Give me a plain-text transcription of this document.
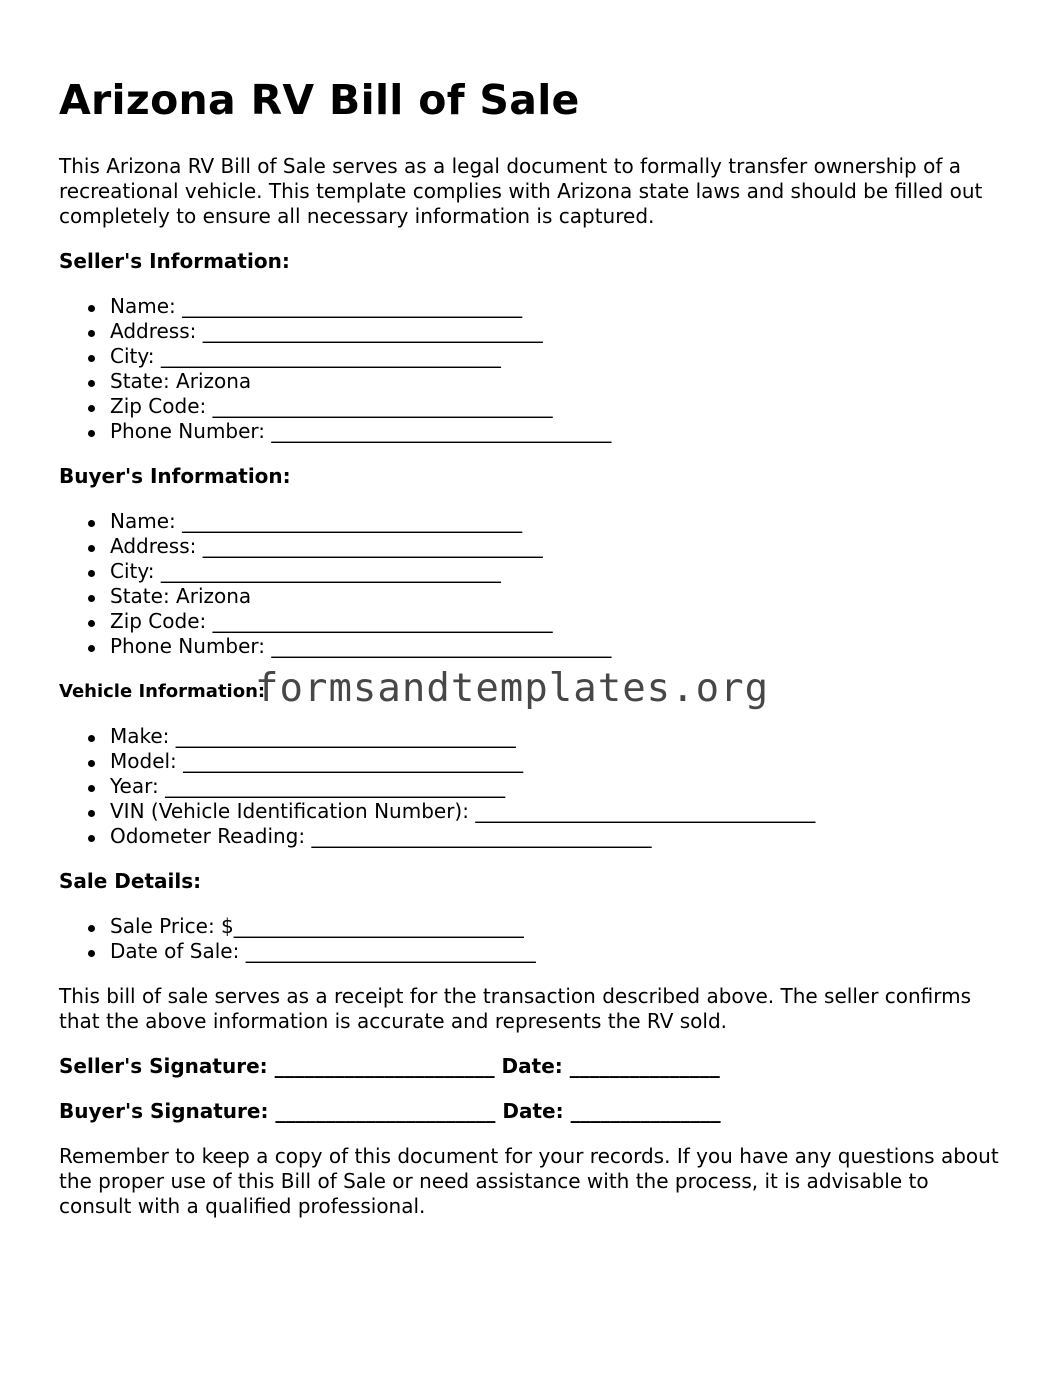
Arizona RV Bill of Sale

This Arizona RV Bill of Sale serves as a legal document to formally transfer ownership of a recreational vehicle. This template complies with Arizona state laws and should be filled out completely to ensure all necessary information is captured.

Seller's Information:
Name: __________________________________
Address: __________________________________
City: __________________________________
State: Arizona
Zip Code: __________________________________
Phone Number: __________________________________
Buyer's Information:
Name: __________________________________
Address: __________________________________
City: __________________________________
State: Arizona
Zip Code: __________________________________
Phone Number: __________________________________
Vehicle Information:
Make: __________________________________
Model: __________________________________
Year: __________________________________
VIN (Vehicle Identification Number): __________________________________
Odometer Reading: __________________________________
Sale Details:
Sale Price: $_____________________________
Date of Sale: _____________________________

This bill of sale serves as a receipt for the transaction described above. The seller confirms that the above information is accurate and represents the RV sold.

Seller's Signature: ______________________ Date: _______________
Buyer's Signature: ______________________ Date: _______________

Remember to keep a copy of this document for your records. If you have any questions about the proper use of this Bill of Sale or need assistance with the process, it is advisable to consult with a qualified professional.

formsandtemplates.org
